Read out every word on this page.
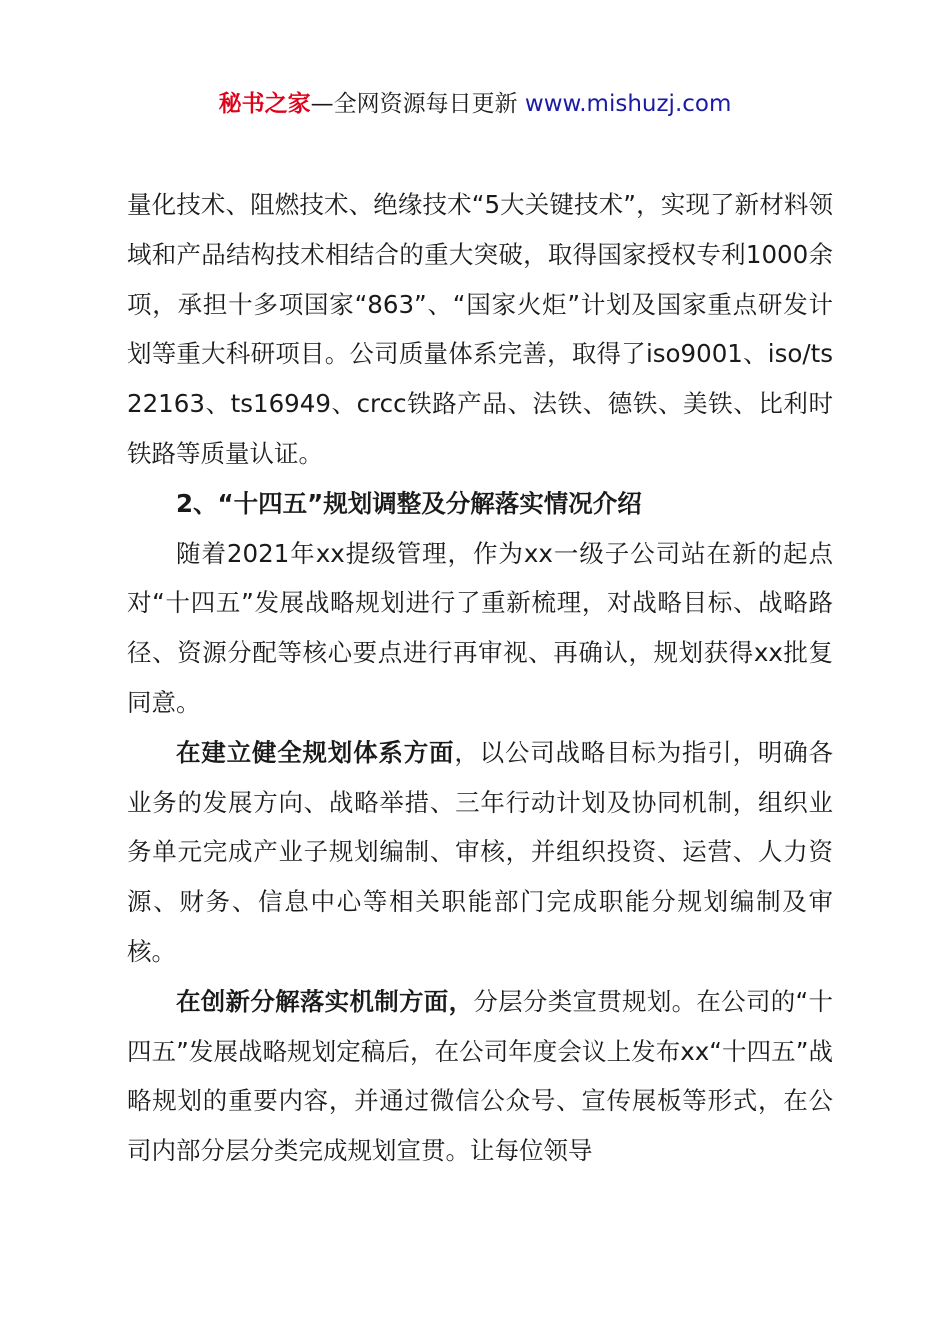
秘书之家—全网资源每日更新 www.mishuzj.com

量化技术、阻燃技术、绝缘技术“5大关键技术”，实现了新材料领域和产品结构技术相结合的重大突破，取得国家授权专利1000余项，承担十多项国家“863”、“国家火炬”计划及国家重点研发计划等重大科研项目。公司质量体系完善，取得了iso9001、iso/ts 22163、ts16949、crcc铁路产品、法铁、德铁、美铁、比利时铁路等质量认证。

2、“十四五”规划调整及分解落实情况介绍

随着2021年xx提级管理，作为xx一级子公司站在新的起点对“十四五”发展战略规划进行了重新梳理，对战略目标、战略路径、资源分配等核心要点进行再审视、再确认，规划获得xx批复同意。

在建立健全规划体系方面，以公司战略目标为指引，明确各业务的发展方向、战略举措、三年行动计划及协同机制，组织业务单元完成产业子规划编制、审核，并组织投资、运营、人力资源、财务、信息中心等相关职能部门完成职能分规划编制及审核。

在创新分解落实机制方面，分层分类宣贯规划。在公司的“十四五”发展战略规划定稿后，在公司年度会议上发布xx“十四五”战略规划的重要内容，并通过微信公众号、宣传展板等形式，在公司内部分层分类完成规划宣贯。让每位领导
